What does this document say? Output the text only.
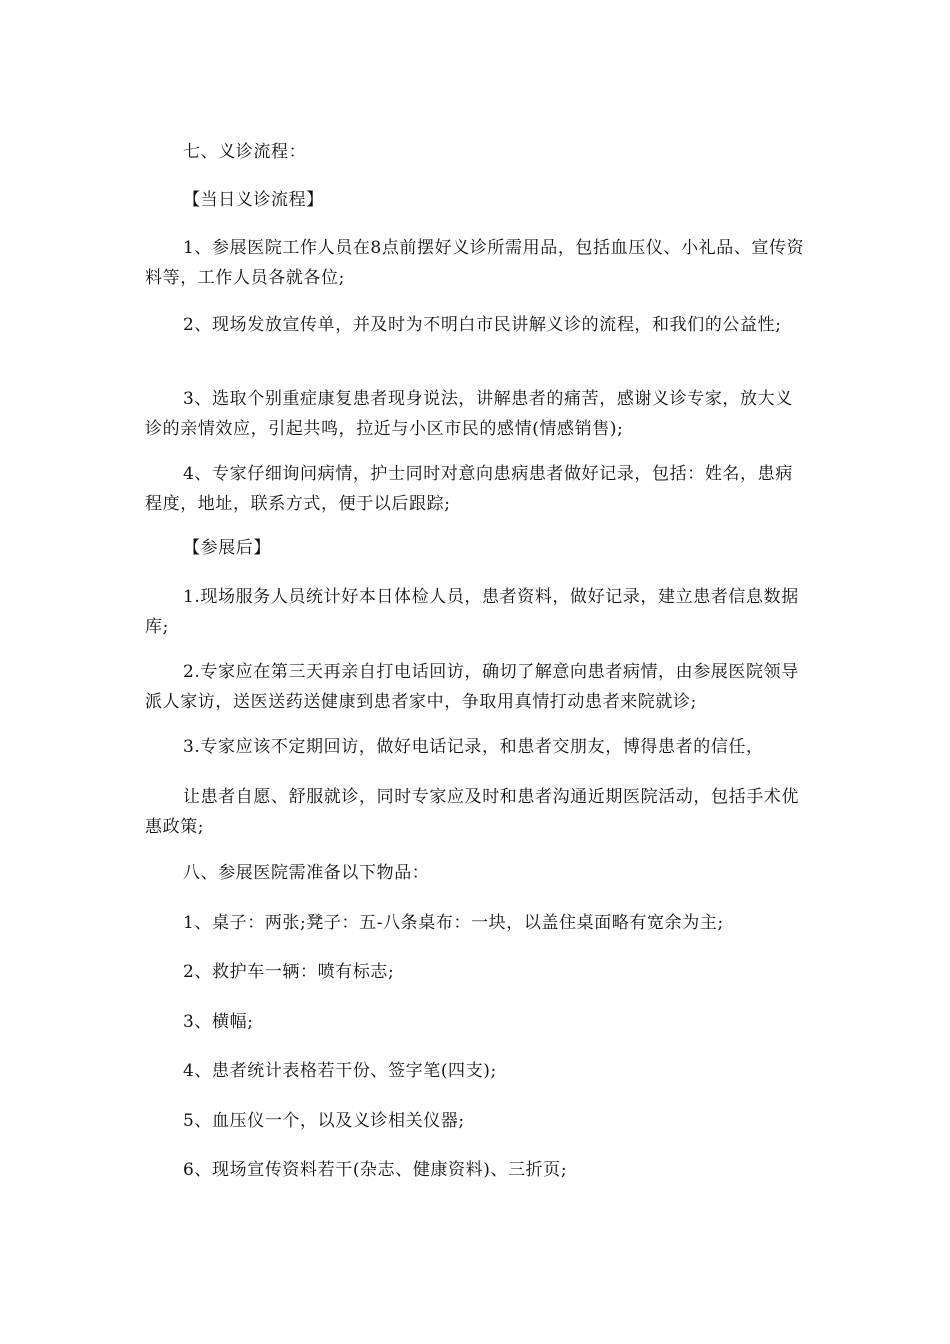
七、义诊流程：

【当日义诊流程】

1、参展医院工作人员在8点前摆好义诊所需用品，包括血压仪、小礼品、宣传资料等，工作人员各就各位;

2、现场发放宣传单，并及时为不明白市民讲解义诊的流程，和我们的公益性;

3、选取个别重症康复患者现身说法，讲解患者的痛苦，感谢义诊专家，放大义诊的亲情效应，引起共鸣，拉近与小区市民的感情(情感销售);

4、专家仔细询问病情，护士同时对意向患病患者做好记录，包括：姓名，患病程度，地址，联系方式，便于以后跟踪;

【参展后】

1.现场服务人员统计好本日体检人员，患者资料，做好记录，建立患者信息数据库;

2.专家应在第三天再亲自打电话回访，确切了解意向患者病情，由参展医院领导派人家访，送医送药送健康到患者家中，争取用真情打动患者来院就诊;

3.专家应该不定期回访，做好电话记录，和患者交朋友，博得患者的信任，

让患者自愿、舒服就诊，同时专家应及时和患者沟通近期医院活动，包括手术优惠政策;

八、参展医院需准备以下物品：

1、桌子：两张;凳子：五-八条桌布：一块，以盖住桌面略有宽余为主;

2、救护车一辆：喷有标志;

3、横幅;

4、患者统计表格若干份、签字笔(四支);

5、血压仪一个，以及义诊相关仪器;

6、现场宣传资料若干(杂志、健康资料)、三折页;
